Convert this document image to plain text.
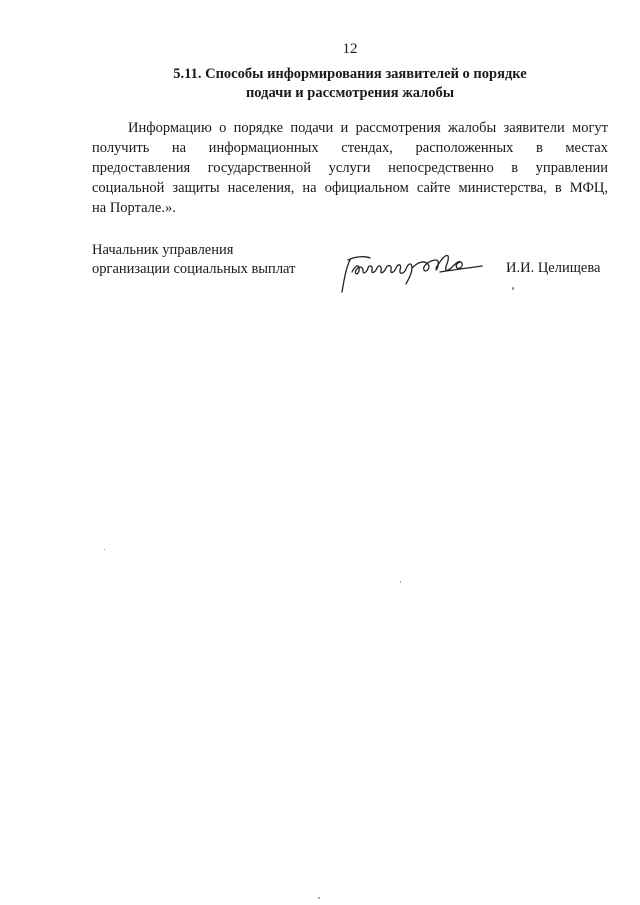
12
5.11. Способы информирования заявителей о порядке
подачи и рассмотрения жалобы
Информацию о порядке подачи и рассмотрения жалобы заявители могут
получить на информационных стендах, расположенных в местах
предоставления государственной услуги непосредственно в управлении
социальной защиты населения, на официальном сайте министерства, в МФЦ,
на Портале.».
Начальник управления
организации социальных выплат	И.И. Целищева
